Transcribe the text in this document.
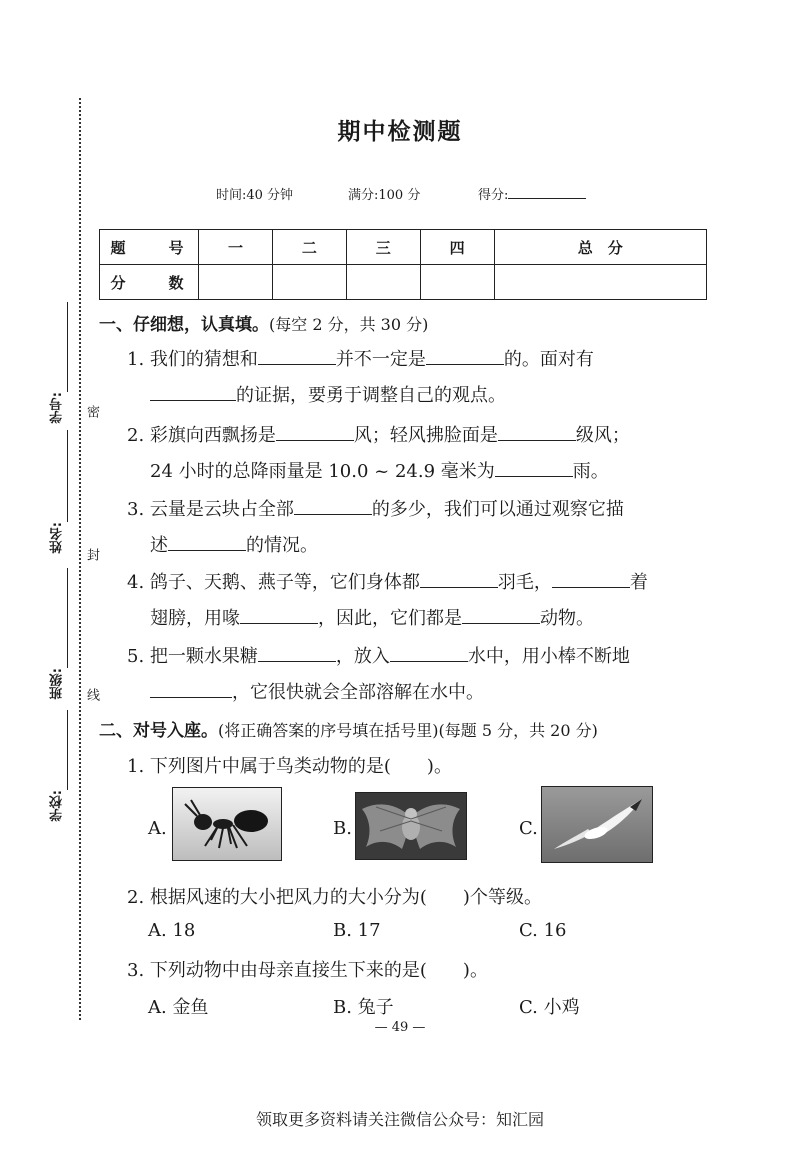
密
封
线
学号:
姓名:
班级:
学校:
期中检测题
时间:40 分钟	满分:100 分	得分:
题　号	一	二	三	四	总　分
分　数					
一、仔细想，认真填。(每空 2 分，共 30 分)
1. 我们的猜想和	并不一定是	的。面对有
的证据，要勇于调整自己的观点。
2. 彩旗向西飘扬是	风；轻风拂脸面是	级风；
24 小时的总降雨量是 10.0 ~ 24.9 毫米为	雨。
3. 云量是云块占全部	的多少，我们可以通过观察它描
述	的情况。
4. 鸽子、天鹅、燕子等，它们身体都	羽毛，	着
翅膀，用喙	，因此，它们都是	动物。
5. 把一颗水果糖	，放入	水中，用小棒不断地
，它很快就会全部溶解在水中。
二、对号入座。(将正确答案的序号填在括号里)(每题 5 分，共 20 分)
1. 下列图片中属于鸟类动物的是(　　)。
A.	B.	C.
2. 根据风速的大小把风力的大小分为(　　)个等级。
A. 18	B. 17	C. 16
3. 下列动物中由母亲直接生下来的是(　　)。
A. 金鱼	B. 兔子	C. 小鸡
— 49 —
领取更多资料请关注微信公众号：知汇园
